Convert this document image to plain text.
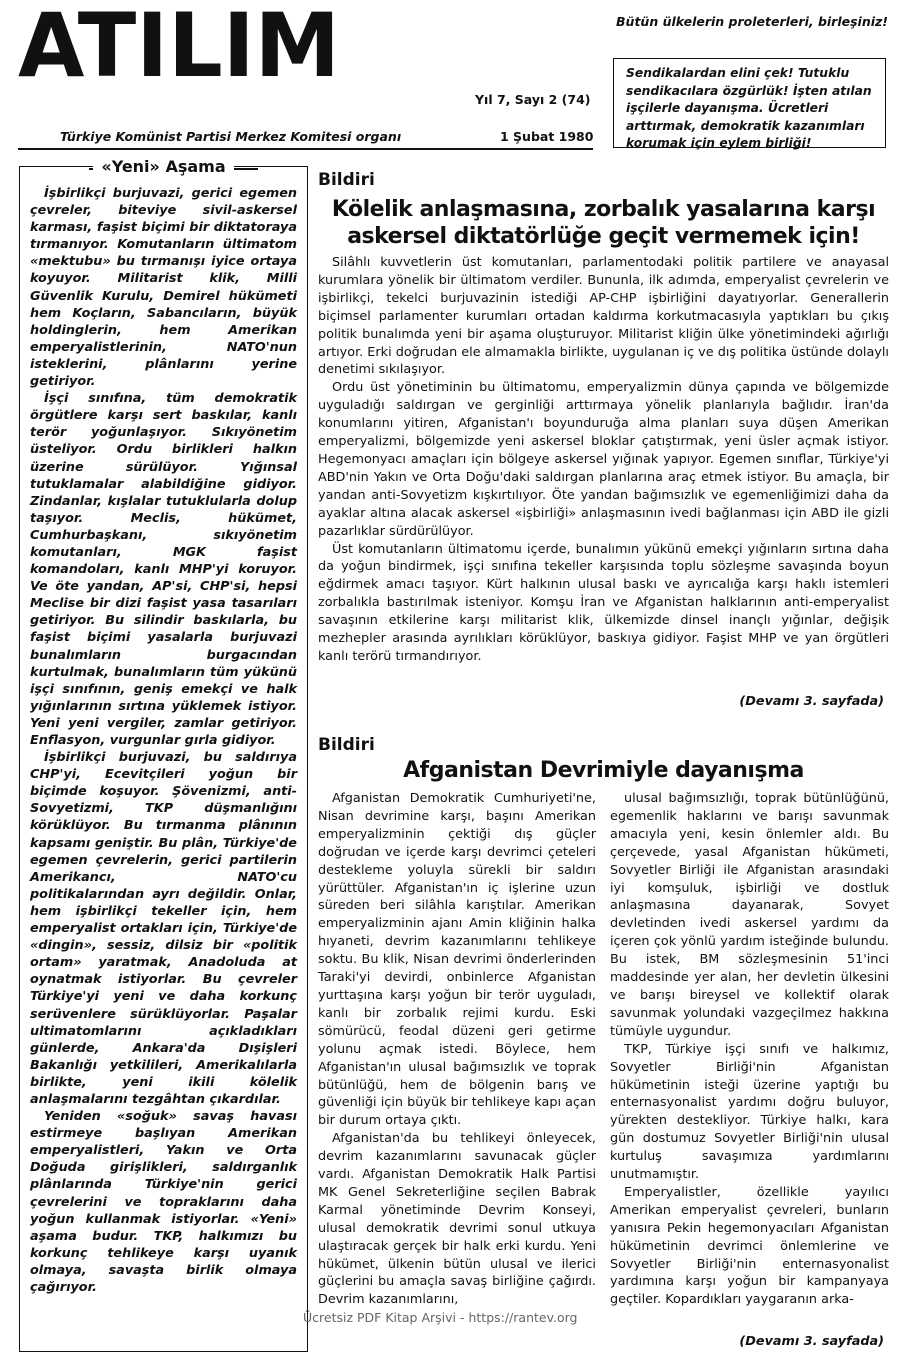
ATILIM	Bütün ülkelerin proleterleri, birleşiniz!
Sendikalardan elini çek! Tutuklu sendikacılara özgürlük! İşten atılan işçilerle dayanışma. Ücretleri arttırmak, demokratik kazanımları korumak için eylem birliği!
Yıl 7, Sayı 2 (74)
Türkiye Komünist Partisi Merkez Komitesi organı	1 Şubat 1980
«Yeni» Aşama

İşbirlikçi burjuvazi, gerici egemen çevreler, biteviye sivil-askersel karması, faşist biçimi bir diktatoraya tırmanıyor. Komutanların ültimatom «mektubu» bu tırmanışı iyice ortaya koyuyor. Militarist klik, Milli Güvenlik Kurulu, Demirel hükümeti hem Koçların, Sabancıların, büyük holdinglerin, hem Amerikan emperyalistlerinin, NATO'nun isteklerini, plânlarını yerine getiriyor.

İşçi sınıfına, tüm demokratik örgütlere karşı sert baskılar, kanlı terör yoğunlaşıyor. Sıkıyönetim üsteliyor. Ordu birlikleri halkın üzerine sürülüyor. Yığınsal tutuklamalar alabildiğine gidiyor. Zindanlar, kışlalar tutuklularla dolup taşıyor. Meclis, hükümet, Cumhurbaşkanı, sıkıyönetim komutanları, MGK faşist komandoları, kanlı MHP'yi koruyor. Ve öte yandan, AP'si, CHP'si, hepsi Meclise bir dizi faşist yasa tasarıları getiriyor. Bu silindir baskılarla, bu faşist biçimi yasalarla burjuvazi bunalımların burgacından kurtulmak, bunalımların tüm yükünü işçi sınıfının, geniş emekçi ve halk yığınlarının sırtına yüklemek istiyor. Yeni yeni vergiler, zamlar getiriyor. Enflasyon, vurgunlar gırla gidiyor.

İşbirlikçi burjuvazi, bu saldırıya CHP'yi, Ecevitçileri yoğun bir biçimde koşuyor. Şövenizmi, anti-Sovyetizmi, TKP düşmanlığını körüklüyor. Bu tırmanma plânının kapsamı geniştir. Bu plân, Türkiye'de egemen çevrelerin, gerici partilerin Amerikancı, NATO'cu politikalarından ayrı değildir. Onlar, hem işbirlikçi tekeller için, hem emperyalist ortakları için, Türkiye'de «dingin», sessiz, dilsiz bir «politik ortam» yaratmak, Anadoluda at oynatmak istiyorlar. Bu çevreler Türkiye'yi yeni ve daha korkunç serüvenlere sürüklüyorlar. Paşalar ultimatomlarını açıkladıkları günlerde, Ankara'da Dışişleri Bakanlığı yetkilileri, Amerikalılarla birlikte, yeni ikili kölelik anlaşmalarını tezgâhtan çıkardılar.

Yeniden «soğuk» savaş havası estirmeye başlıyan Amerikan emperyalistleri, Yakın ve Orta Doğuda girişlikleri, saldırganlık plânlarında Türkiye'nin gerici çevrelerini ve topraklarını daha yoğun kullanmak istiyorlar. «Yeni» aşama budur. TKP, halkımızı bu korkunç tehlikeye karşı uyanık olmaya, savaşta birlik olmaya çağırıyor.

Bildiri
Kölelik anlaşmasına, zorbalık yasalarına karşı askersel diktatörlüğe geçit vermemek için!

Silâhlı kuvvetlerin üst komutanları, parlamentodaki politik partilere ve anayasal kurumlara yönelik bir ültimatom verdiler. Bununla, ilk adımda, emperyalist çevrelerin ve işbirlikçi, tekelci burjuvazinin istediği AP-CHP işbirliğini dayatıyorlar. Generallerin biçimsel parlamenter kurumları ortadan kaldırma korkutmacasıyla yaptıkları bu çıkış politik bunalımda yeni bir aşama oluşturuyor. Militarist kliğin ülke yönetimindeki ağırlığı artıyor. Erki doğrudan ele almamakla birlikte, uygulanan iç ve dış politika üstünde dolaylı denetimi sıkılaşıyor.

Ordu üst yönetiminin bu ültimatomu, emperyalizmin dünya çapında ve bölgemizde uyguladığı saldırgan ve gerginliği arttırmaya yönelik planlarıyla bağlıdır. İran'da konumlarını yitiren, Afganistan'ı boyunduruğa alma planları suya düşen Amerikan emperyalizmi, bölgemizde yeni askersel bloklar çatıştırmak, yeni üsler açmak istiyor. Hegemonyacı amaçları için bölgeye askersel yığınak yapıyor. Egemen sınıflar, Türkiye'yi ABD'nin Yakın ve Orta Doğu'daki saldırgan planlarına araç etmek istiyor. Bu amaçla, bir yandan anti-Sovyetizm kışkırtılıyor. Öte yandan bağımsızlık ve egemenliğimizi daha da ayaklar altına alacak askersel «işbirliği» anlaşmasının ivedi bağlanması için ABD ile gizli pazarlıklar sürdürülüyor.

Üst komutanların ültimatomu içerde, bunalımın yükünü emekçi yığınların sırtına daha da yoğun bindirmek, işçi sınıfına tekeller karşısında toplu sözleşme savaşında boyun eğdirmek amacı taşıyor. Kürt halkının ulusal baskı ve ayrıcalığa karşı haklı istemleri zorbalıkla bastırılmak isteniyor. Komşu İran ve Afganistan halklarının anti-emperyalist savaşının etkilerine karşı militarist klik, ülkemizde dinsel inançlı yığınlar, değişik mezhepler arasında ayrılıkları körüklüyor, baskıya gidiyor. Faşist MHP ve yan örgütleri kanlı terörü tırmandırıyor.

(Devamı 3. sayfada)
Bildiri
Afganistan Devrimiyle dayanışma

Afganistan Demokratik Cumhuriyeti'ne, Nisan devrimine karşı, başını Amerikan emperyalizminin çektiği dış güçler doğrudan ve içerde karşı devrimci çeteleri destekleme yoluyla sürekli bir saldırı yürüttüler. Afganistan'ın iç işlerine uzun süreden beri silâhla karıştılar. Amerikan emperyalizminin ajanı Amin kliğinin halka hıyaneti, devrim kazanımlarını tehlikeye soktu. Bu klik, Nisan devrimi önderlerinden Taraki'yi devirdi, onbinlerce Afganistan yurttaşına karşı yoğun bir terör uyguladı, kanlı bir zorbalık rejimi kurdu. Eski sömürücü, feodal düzeni geri getirme yolunu açmak istedi. Böylece, hem Afganistan'ın ulusal bağımsızlık ve toprak bütünlüğü, hem de bölgenin barış ve güvenliği için büyük bir tehlikeye kapı açan bir durum ortaya çıktı.

Afganistan'da bu tehlikeyi önleyecek, devrim kazanımlarını savunacak güçler vardı. Afganistan Demokratik Halk Partisi MK Genel Sekreterliğine seçilen Babrak Karmal yönetiminde Devrim Konseyi, ulusal demokratik devrimi sonul utkuya ulaştıracak gerçek bir halk erki kurdu. Yeni hükümet, ülkenin bütün ulusal ve ilerici güçlerini bu amaçla savaş birliğine çağırdı. Devrim kazanımlarını,

ulusal bağımsızlığı, toprak bütünlüğünü, egemenlik haklarını ve barışı savunmak amacıyla yeni, kesin önlemler aldı. Bu çerçevede, yasal Afganistan hükümeti, Sovyetler Birliği ile Afganistan arasındaki iyi komşuluk, işbirliği ve dostluk anlaşmasına dayanarak, Sovyet devletinden ivedi askersel yardımı da içeren çok yönlü yardım isteğinde bulundu. Bu istek, BM sözleşmesinin 51'inci maddesinde yer alan, her devletin ülkesini ve barışı bireysel ve kollektif olarak savunmak yolundaki vazgeçilmez hakkına tümüyle uygundur.

TKP, Türkiye işçi sınıfı ve halkımız, Sovyetler Birliği'nin Afganistan hükümetinin isteği üzerine yaptığı bu enternasyonalist yardımı doğru buluyor, yürekten destekliyor. Türkiye halkı, kara gün dostumuz Sovyetler Birliği'nin ulusal kurtuluş savaşımıza yardımlarını unutmamıştır.

Emperyalistler, özellikle yayılıcı Amerikan emperyalist çevreleri, bunların yanısıra Pekin hegemonyacıları Afganistan hükümetinin devrimci önlemlerine ve Sovyetler Birliği'nin enternasyonalist yardımına karşı yoğun bir kampanyaya geçtiler. Kopardıkları yaygaranın arka-

(Devamı 3. sayfada)
Ücretsiz PDF Kitap Arşivi - https://rantev.org
